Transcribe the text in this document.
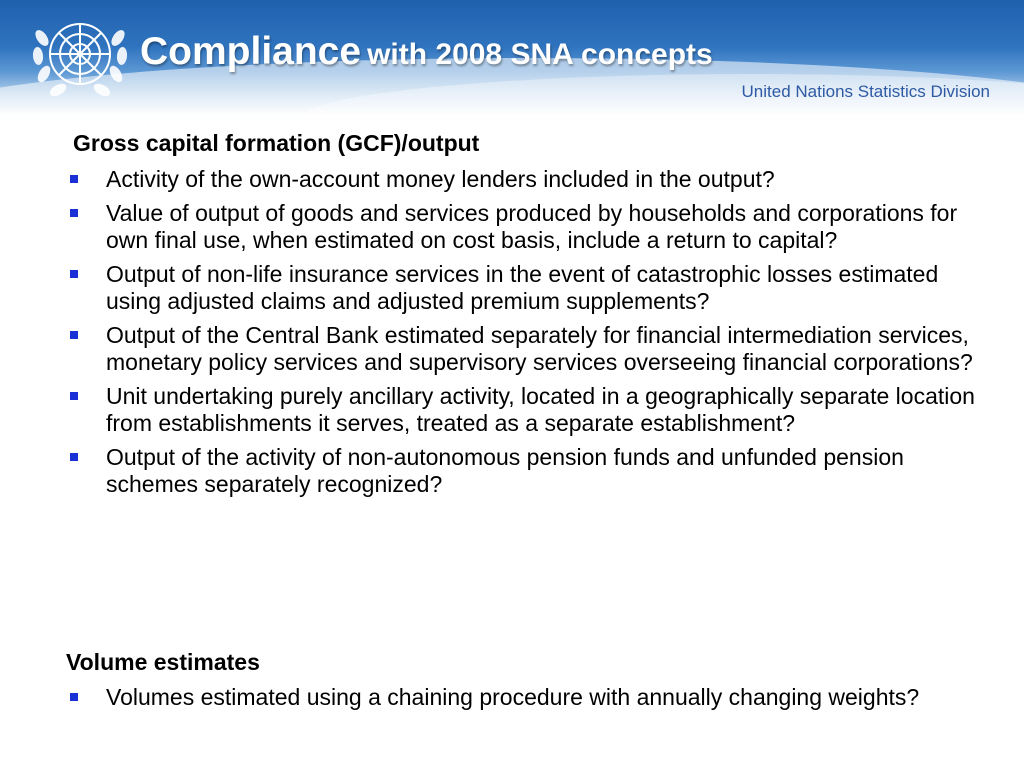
Compliance with 2008 SNA concepts
United Nations Statistics Division

Gross capital formation (GCF)/output

Activity of the own-account money lenders included in the output?
Value of output of goods and services produced by households and corporations for own final use, when estimated on cost basis, include a return to capital?
Output of non-life insurance services in the event of catastrophic losses estimated using adjusted claims and adjusted premium supplements?
Output of the Central Bank estimated separately for financial intermediation services, monetary policy services and supervisory services overseeing financial corporations?
Unit undertaking purely ancillary activity, located in a geographically separate location from establishments it serves, treated as a separate establishment?
Output of the activity of non-autonomous pension funds and unfunded pension schemes separately recognized?

Volume estimates

Volumes estimated using a chaining procedure with annually changing weights?
